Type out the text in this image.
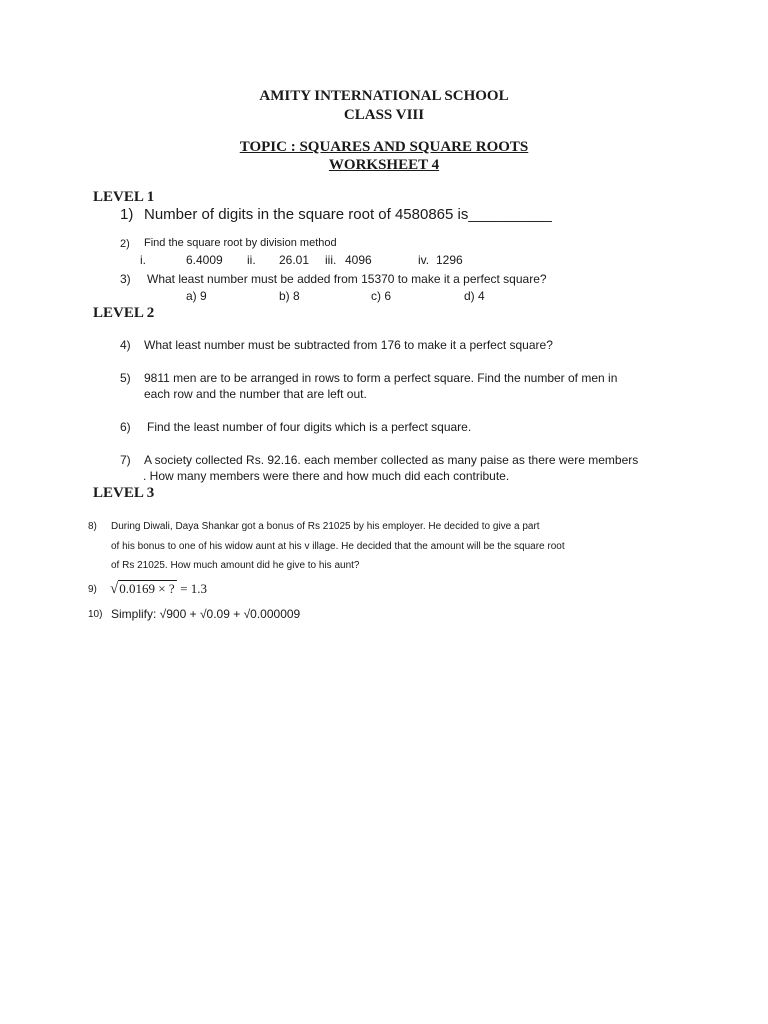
AMITY INTERNATIONAL SCHOOL
CLASS VIII
TOPIC : SQUARES AND SQUARE ROOTS
WORKSHEET 4
LEVEL 1
1) Number of digits in the square root of 4580865 is__________
2) Find the square root by division method
i.	6.4009 ii. 26.01 iii. 4096	iv. 1296
3) What least number must be added from 15370 to make it a perfect square?
a) 9	b) 8	c) 6	d) 4
LEVEL 2
4) What least number must be subtracted from 176 to make it a perfect square?
5) 9811 men are to be arranged in rows to form a perfect square. Find the number of men in
each row and the number that are left out.
6) Find the least number of four digits which is a perfect square.
7) A society collected Rs. 92.16. each member collected as many paise as there were members
. How many members were there and how much did each contribute.
LEVEL 3
8) During Diwali, Daya Shankar got a bonus of Rs 21025 by his employer. He decided to give a part
of his bonus to one of his widow aunt at his v illage. He decided that the amount will be the square root
of Rs 21025. How much amount did he give to his aunt?
9) √ 0.0169 × ? = 1.3
10) Simplify: √900 + √0.09 + √0.000009
